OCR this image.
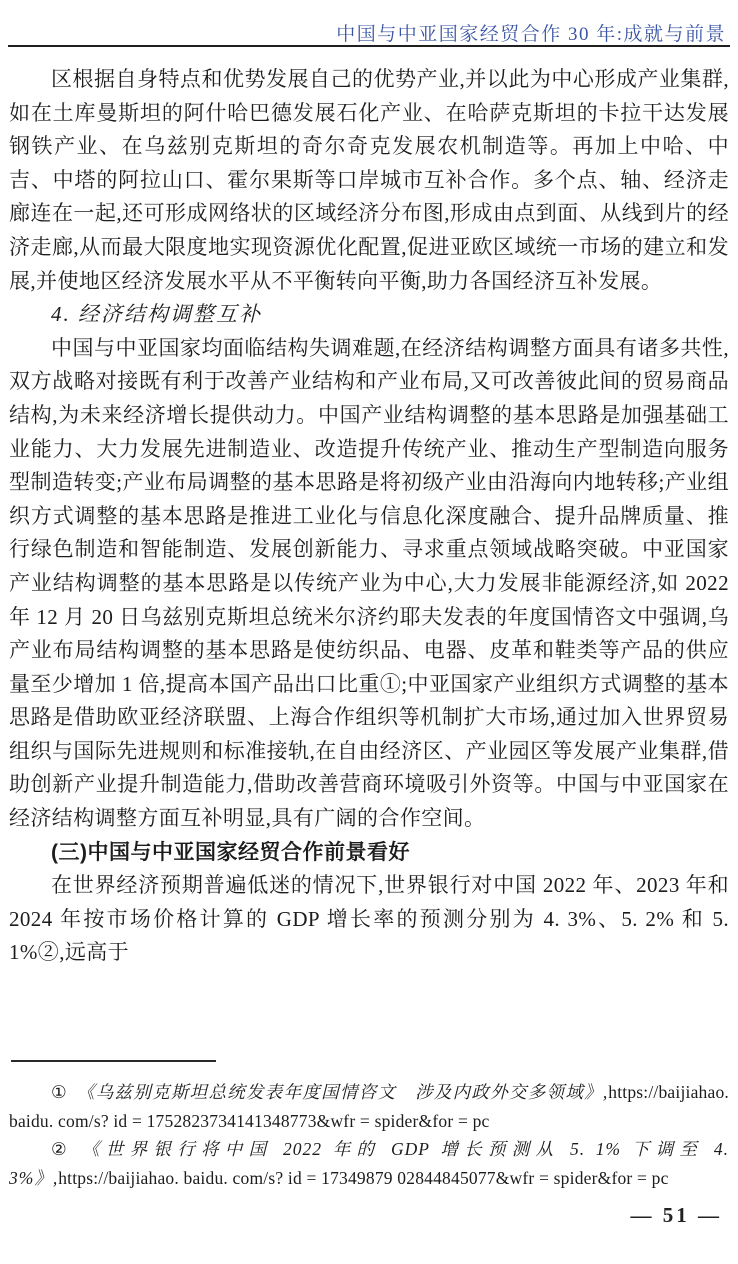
中国与中亚国家经贸合作 30 年:成就与前景

区根据自身特点和优势发展自己的优势产业,并以此为中心形成产业集群,如在土库曼斯坦的阿什哈巴德发展石化产业、在哈萨克斯坦的卡拉干达发展钢铁产业、在乌兹别克斯坦的奇尔奇克发展农机制造等。再加上中哈、中吉、中塔的阿拉山口、霍尔果斯等口岸城市互补合作。多个点、轴、经济走廊连在一起,还可形成网络状的区域经济分布图,形成由点到面、从线到片的经济走廊,从而最大限度地实现资源优化配置,促进亚欧区域统一市场的建立和发展,并使地区经济发展水平从不平衡转向平衡,助力各国经济互补发展。

4. 经济结构调整互补

中国与中亚国家均面临结构失调难题,在经济结构调整方面具有诸多共性,双方战略对接既有利于改善产业结构和产业布局,又可改善彼此间的贸易商品结构,为未来经济增长提供动力。中国产业结构调整的基本思路是加强基础工业能力、大力发展先进制造业、改造提升传统产业、推动生产型制造向服务型制造转变;产业布局调整的基本思路是将初级产业由沿海向内地转移;产业组织方式调整的基本思路是推进工业化与信息化深度融合、提升品牌质量、推行绿色制造和智能制造、发展创新能力、寻求重点领域战略突破。中亚国家产业结构调整的基本思路是以传统产业为中心,大力发展非能源经济,如 2022 年 12 月 20 日乌兹别克斯坦总统米尔济约耶夫发表的年度国情咨文中强调,乌产业布局结构调整的基本思路是使纺织品、电器、皮革和鞋类等产品的供应量至少增加 1 倍,提高本国产品出口比重①;中亚国家产业组织方式调整的基本思路是借助欧亚经济联盟、上海合作组织等机制扩大市场,通过加入世界贸易组织与国际先进规则和标准接轨,在自由经济区、产业园区等发展产业集群,借助创新产业提升制造能力,借助改善营商环境吸引外资等。中国与中亚国家在经济结构调整方面互补明显,具有广阔的合作空间。

(三)中国与中亚国家经贸合作前景看好

在世界经济预期普遍低迷的情况下,世界银行对中国 2022 年、2023 年和 2024 年按市场价格计算的 GDP 增长率的预测分别为 4. 3%、5. 2% 和 5. 1%②,远高于

① 《乌兹别克斯坦总统发表年度国情咨文　涉及内政外交多领域》,https://baijiahao. baidu. com/s? id = 1752823734141348773&wfr = spider&for = pc

② 《世界银行将中国 2022 年的 GDP 增长预测从 5. 1% 下调至 4. 3%》,https://baijiahao. baidu. com/s? id = 17349879 02844845077&wfr = spider&for = pc

— 51 —
